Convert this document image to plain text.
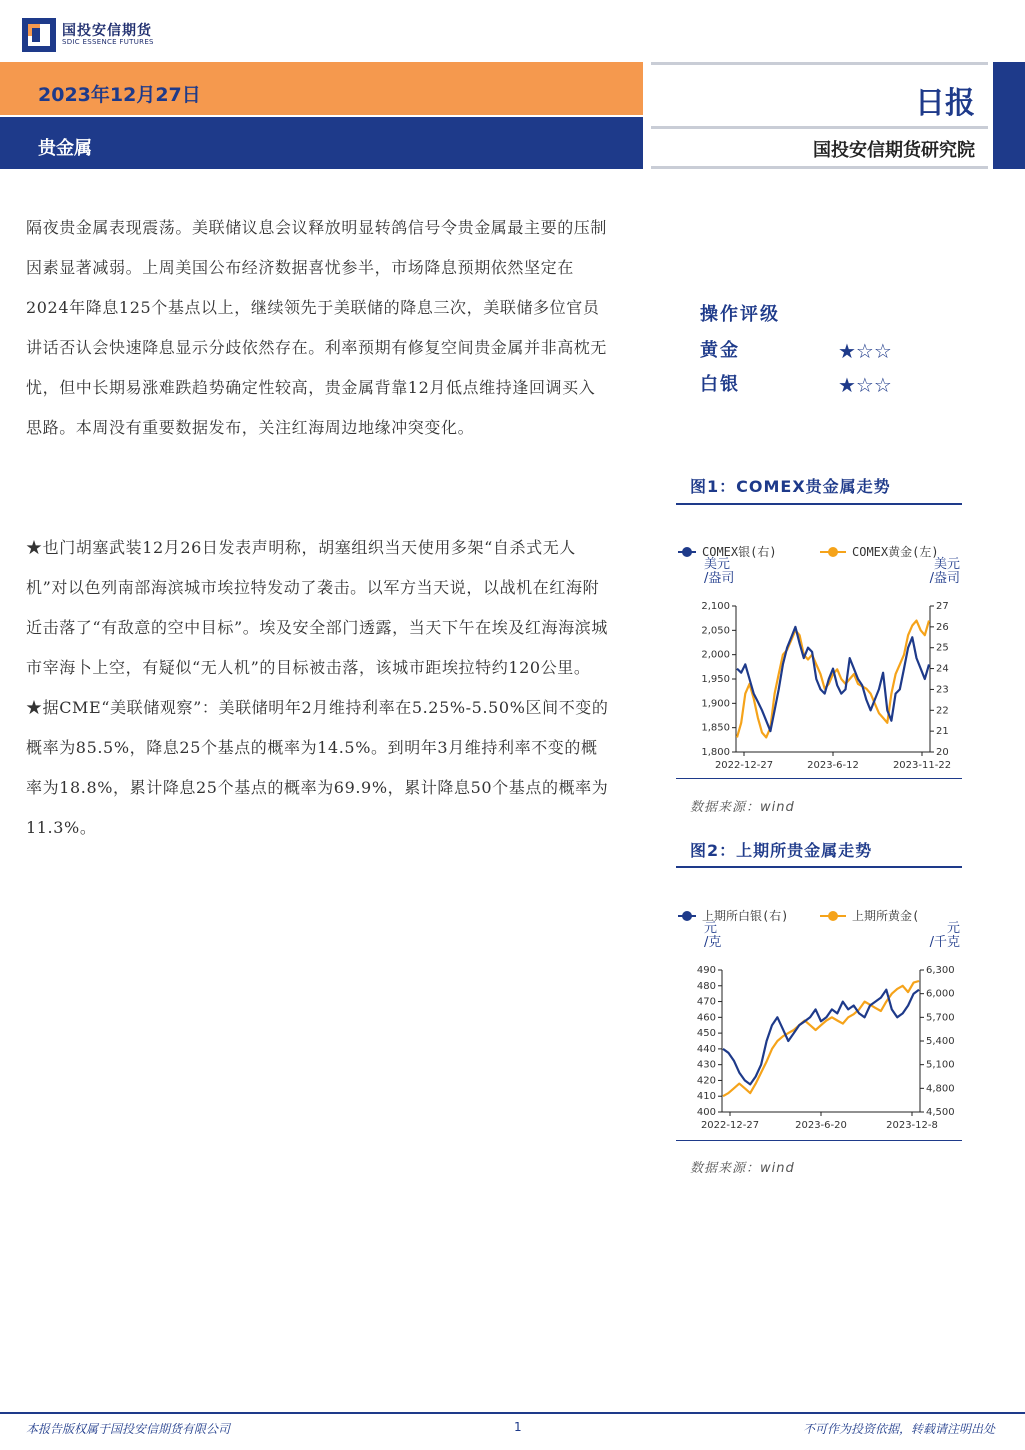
国投安信期货
SDIC ESSENCE FUTURES
2023年12月27日
贵金属
日报
国投安信期货研究院
隔夜贵金属表现震荡。美联储议息会议释放明显转鸽信号令贵金属最主要的压制因素显著减弱。上周美国公布经济数据喜忧参半，市场降息预期依然坚定在2024年降息125个基点以上，继续领先于美联储的降息三次，美联储多位官员讲话否认会快速降息显示分歧依然存在。利率预期有修复空间贵金属并非高枕无忧，但中长期易涨难跌趋势确定性较高，贵金属背靠12月低点维持逢回调买入思路。本周没有重要数据发布，关注红海周边地缘冲突变化。
★也门胡塞武装12月26日发表声明称，胡塞组织当天使用多架“自杀式无人机”对以色列南部海滨城市埃拉特发动了袭击。以军方当天说，以战机在红海附近击落了“有敌意的空中目标”。埃及安全部门透露，当天下午在埃及红海海滨城市宰海卜上空，有疑似“无人机”的目标被击落，该城市距埃拉特约120公里。
★据CME“美联储观察”：美联储明年2月维持利率在5.25%-5.50%区间不变的概率为85.5%，降息25个基点的概率为14.5%。到明年3月维持利率不变的概率为18.8%，累计降息25个基点的概率为69.9%，累计降息50个基点的概率为11.3%。
操作评级
黄金	★☆☆
白银	★☆☆
图1：COMEX贵金属走势
COMEX银(右)	COMEX黄金(左)
美元
/盎司
美元
/盎司
1,800
1,850
1,900
1,950
2,000
2,050
2,100
20
21
22
23
24
25
26
27
2022-12-27	2023-6-12	2023-11-22
数据来源：wind
图2：上期所贵金属走势
上期所白银(右)	上期所黄金(
元
/克
元
/千克
400
410
420
430
440
450
460
470
480
490
4,500
4,800
5,100
5,400
5,700
6,000
6,300
2022-12-27	2023-6-20	2023-12-8
数据来源：wind
本报告版权属于国投安信期货有限公司	1	不可作为投资依据，转载请注明出处
